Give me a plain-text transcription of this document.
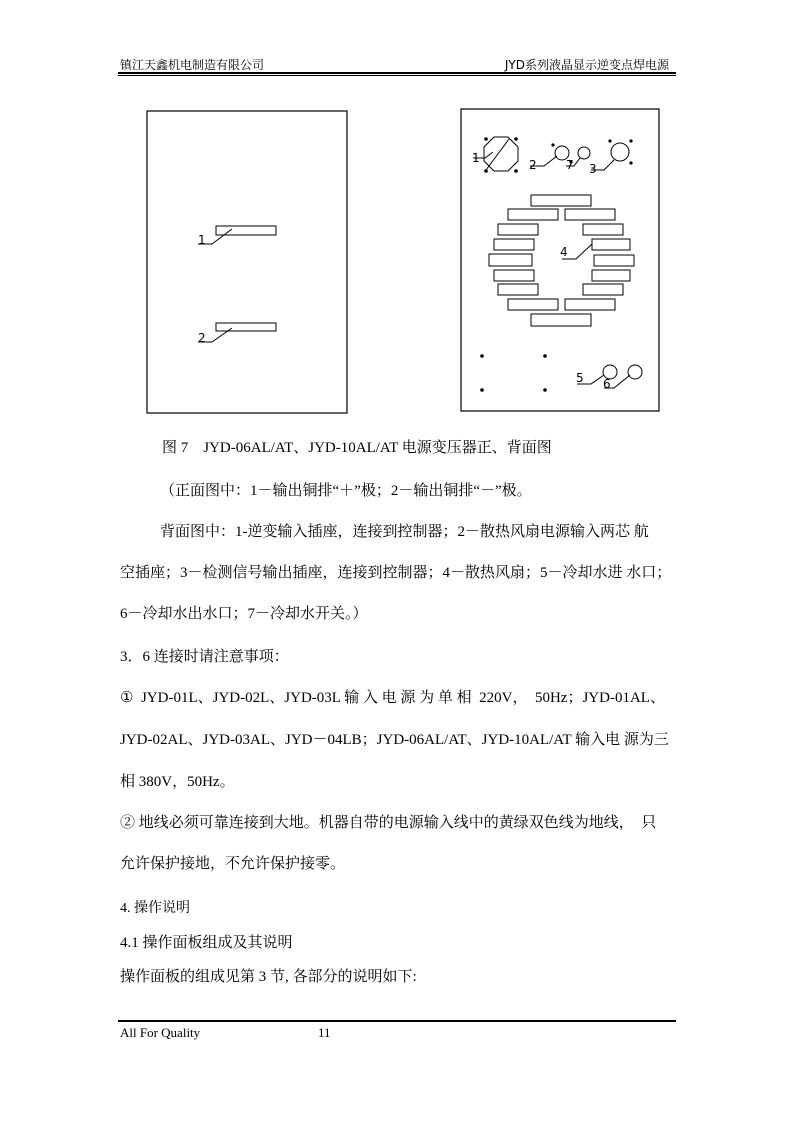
镇江天鑫机电制造有限公司	JYD系列液晶显示逆变点焊电源
1
2
1	2 7 3
4
5 6
图 7    JYD-06AL/AT、JYD-10AL/AT 电源变压器正、背面图

（正面图中：1－输出铜排“＋”极；2－输出铜排“－”极。

背面图中：1-逆变输入插座，连接到控制器；2－散热风扇电源输入两芯 航

空插座；3－检测信号输出插座，连接到控制器；4－散热风扇；5－冷却水进 水口；

6－冷却水出水口；7－冷却水开关。）

3．6 连接时请注意事项：

①  JYD-01L、JYD-02L、JYD-03L 输 入 电 源 为 单 相  220V，  50Hz；JYD-01AL、

JYD-02AL、JYD-03AL、JYD－04LB；JYD-06AL/AT、JYD-10AL/AT 输入电 源为三

相 380V，50Hz。

② 地线必须可靠连接到大地。机器自带的电源输入线中的黄绿双色线为地线，  只

允许保护接地，不允许保护接零。

4. 操作说明

4.1 操作面板组成及其说明

操作面板的组成见第 3 节, 各部分的说明如下:

All For Quality	11
